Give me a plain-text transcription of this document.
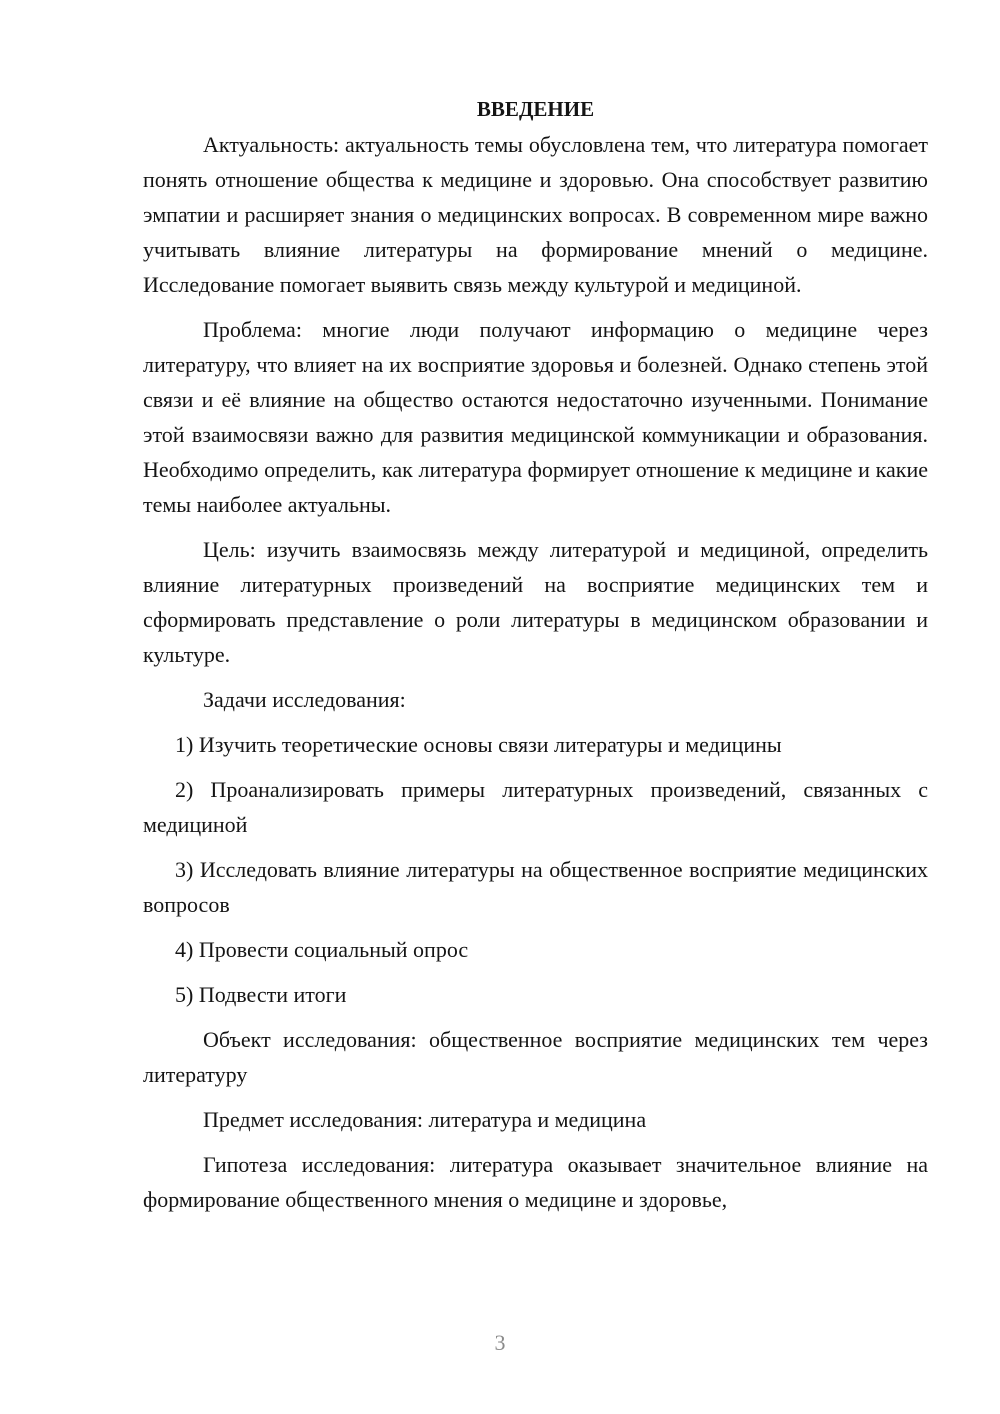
ВВЕДЕНИЕ

Актуальность: актуальность темы обусловлена тем, что литература помогает понять отношение общества к медицине и здоровью. Она способствует развитию эмпатии и расширяет знания о медицинских вопросах. В современном мире важно учитывать влияние литературы на формирование мнений о медицине. Исследование помогает выявить связь между культурой и медициной.

Проблема: многие люди получают информацию о медицине через литературу, что влияет на их восприятие здоровья и болезней. Однако степень этой связи и её влияние на общество остаются недостаточно изученными. Понимание этой взаимосвязи важно для развития медицинской коммуникации и образования. Необходимо определить, как литература формирует отношение к медицине и какие темы наиболее актуальны.

Цель: изучить взаимосвязь между литературой и медициной, определить влияние литературных произведений на восприятие медицинских тем и сформировать представление о роли литературы в медицинском образовании и культуре.

Задачи исследования:

1) Изучить теоретические основы связи литературы и медицины

2) Проанализировать примеры литературных произведений, связанных с медициной

3) Исследовать влияние литературы на общественное восприятие медицинских вопросов

4) Провести социальный опрос

5) Подвести итоги

Объект исследования: общественное восприятие медицинских тем через литературу

Предмет исследования: литература и медицина

Гипотеза исследования: литература оказывает значительное влияние на формирование общественного мнения о медицине и здоровье,

3
